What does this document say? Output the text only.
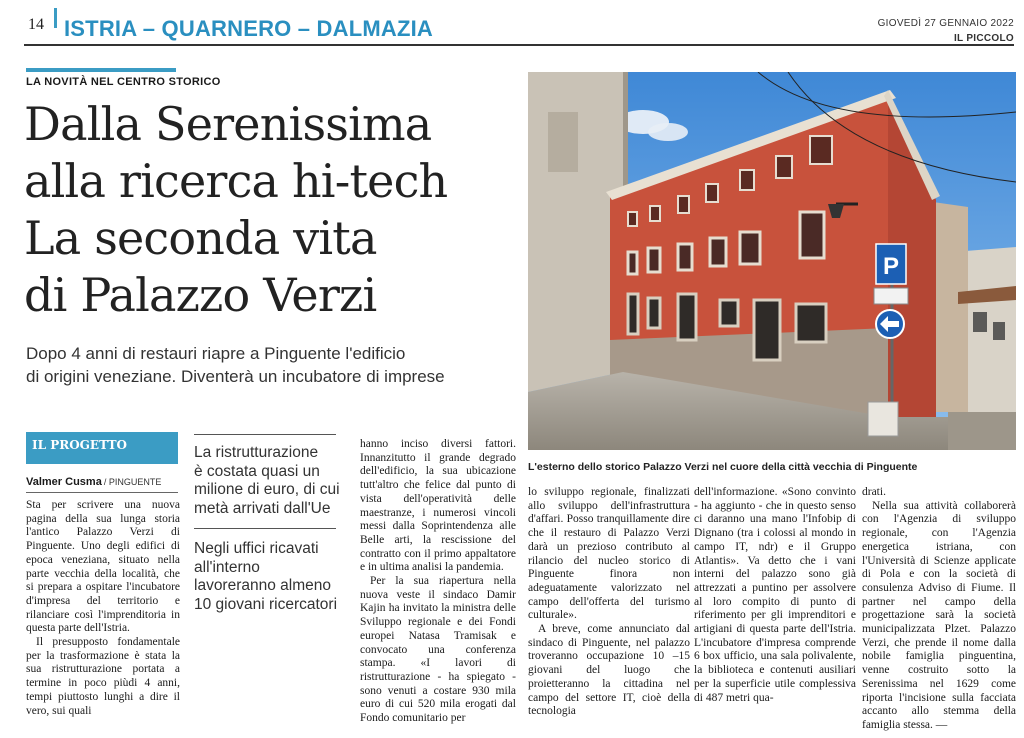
14 ISTRIA – QUARNERO – DALMAZIA	GIOVEDÌ 27 GENNAIO 2022
IL PICCOLO
LA NOVITÀ NEL CENTRO STORICO
Dalla Serenissima
alla ricerca hi-tech
La seconda vita
di Palazzo Verzi
Dopo 4 anni di restauri riapre a Pinguente l'edificio
di origini veneziane. Diventerà un incubatore di imprese
IL PROGETTO
Valmer Cusma / PINGUENTE

Sta per scrivere una nuova pagina della sua lunga storia l'antico Palazzo Verzi di Pinguente. Uno degli edifici di epoca veneziana, situato nella parte vecchia della località, che si prepara a ospitare l'incubatore d'impresa del territorio e rilanciare così l'imprenditoria in questa parte dell'Istria.

Il presupposto fondamentale per la trasformazione è stata la sua ristrutturazione portata a termine in poco piùdi 4 anni, tempi piuttosto lunghi a dire il vero, sui quali

La ristrutturazione
è costata quasi un
milione di euro, di cui
metà arrivati dall'Ue
Negli uffici ricavati
all'interno
lavoreranno almeno
10 giovani ricercatori

hanno inciso diversi fattori. Innanzitutto il grande degrado dell'edificio, la sua ubicazione tutt'altro che felice dal punto di vista dell'operatività delle maestranze, i numerosi vincoli messi dalla Soprintendenza alle Belle arti, la rescissione del contratto con il primo appaltatore e in ultima analisi la pandemia.

Per la sua riapertura nella nuova veste il sindaco Damir Kajin ha invitato la ministra delle Sviluppo regionale e dei Fondi europei Natasa Tramisak e convocato una conferenza stampa. «I lavori di ristrutturazione - ha spiegato - sono venuti a costare 930 mila euro di cui 520 mila erogati dal Fondo comunitario per

P
L'esterno dello storico Palazzo Verzi nel cuore della città vecchia di Pinguente

lo sviluppo regionale, finalizzati allo sviluppo dell'infrastruttura d'affari. Posso tranquillamente dire che il restauro di Palazzo Verzi darà un prezioso contributo al rilancio del nucleo storico di Pinguente finora non adeguatamente valorizzato nel campo dell'offerta del turismo culturale».

A breve, come annunciato dal sindaco di Pinguente, nel palazzo troveranno occupazione 10 –15 giovani del luogo che proietteranno la cittadina nel campo del settore IT, cioè della tecnologia

dell'informazione. «Sono convinto - ha aggiunto - che in questo senso ci daranno una mano l'Infobip di Dignano (tra i colossi al mondo in campo IT, ndr) e il Gruppo Atlantis». Va detto che i vani interni del palazzo sono già attrezzati a puntino per assolvere al loro compito di punto di riferimento per gli imprenditori e artigiani di questa parte dell'Istria. L'incubatore d'impresa comprende 6 box ufficio, una sala polivalente, la biblioteca e contenuti ausiliari per la superficie utile complessiva di 487 metri qua-

drati.

Nella sua attività collaborerà con l'Agenzia di sviluppo regionale, con l'Agenzia energetica istriana, con l'Università di Scienze applicate di Pola e con la società di consulenza Adviso di Fiume. Il partner nel campo della progettazione sarà la società municipalizzata Plzet. Palazzo Verzi, che prende il nome dalla nobile famiglia pinguentina, venne costruito sotto la Serenissima nel 1629 come riporta l'incisione sulla facciata accanto allo stemma della famiglia stessa. —
